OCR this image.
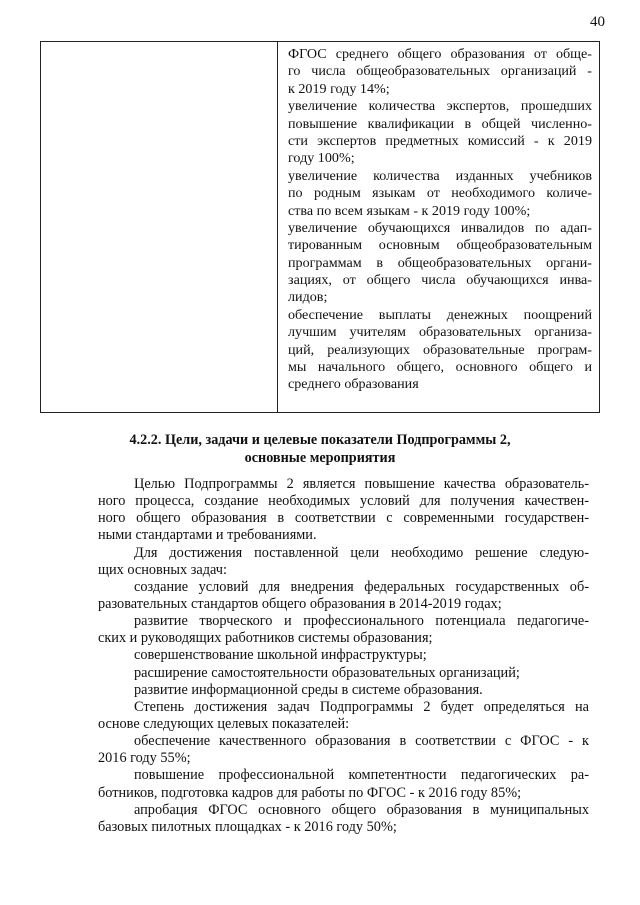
40
ФГОС среднего общего образования от обще-
го числа общеобразовательных организаций -
к 2019 году 14%;
увеличение количества экспертов, прошедших
повышение квалификации в общей численно-
сти экспертов предметных комиссий - к 2019
году 100%;
увеличение количества изданных учебников
по родным языкам от необходимого количе-
ства по всем языкам - к 2019 году 100%;
увеличение обучающихся инвалидов по адап-
тированным основным общеобразовательным
программам в общеобразовательных органи-
зациях, от общего числа обучающихся инва-
лидов;
обеспечение выплаты денежных поощрений
лучшим учителям образовательных организа-
ций, реализующих образовательные програм-
мы начального общего, основного общего и
среднего образования
4.2.2. Цели, задачи и целевые показатели Подпрограммы 2,
основные мероприятия
Целью Подпрограммы 2 является повышение качества образователь-
ного процесса, создание необходимых условий для получения качествен-
ного общего образования в соответствии с современными государствен-
ными стандартами и требованиями.
Для достижения поставленной цели необходимо решение следую-
щих основных задач:
создание условий для внедрения федеральных государственных об-
разовательных стандартов общего образования в 2014-2019 годах;
развитие творческого и профессионального потенциала педагогиче-
ских и руководящих работников системы образования;
совершенствование школьной инфраструктуры;
расширение самостоятельности образовательных организаций;
развитие информационной среды в системе образования.
Степень достижения задач Подпрограммы 2 будет определяться на
основе следующих целевых показателей:
обеспечение качественного образования в соответствии с ФГОС - к
2016 году 55%;
повышение профессиональной компетентности педагогических ра-
ботников, подготовка кадров для работы по ФГОС - к 2016 году 85%;
апробация ФГОС основного общего образования в муниципальных
базовых пилотных площадках - к 2016 году 50%;
